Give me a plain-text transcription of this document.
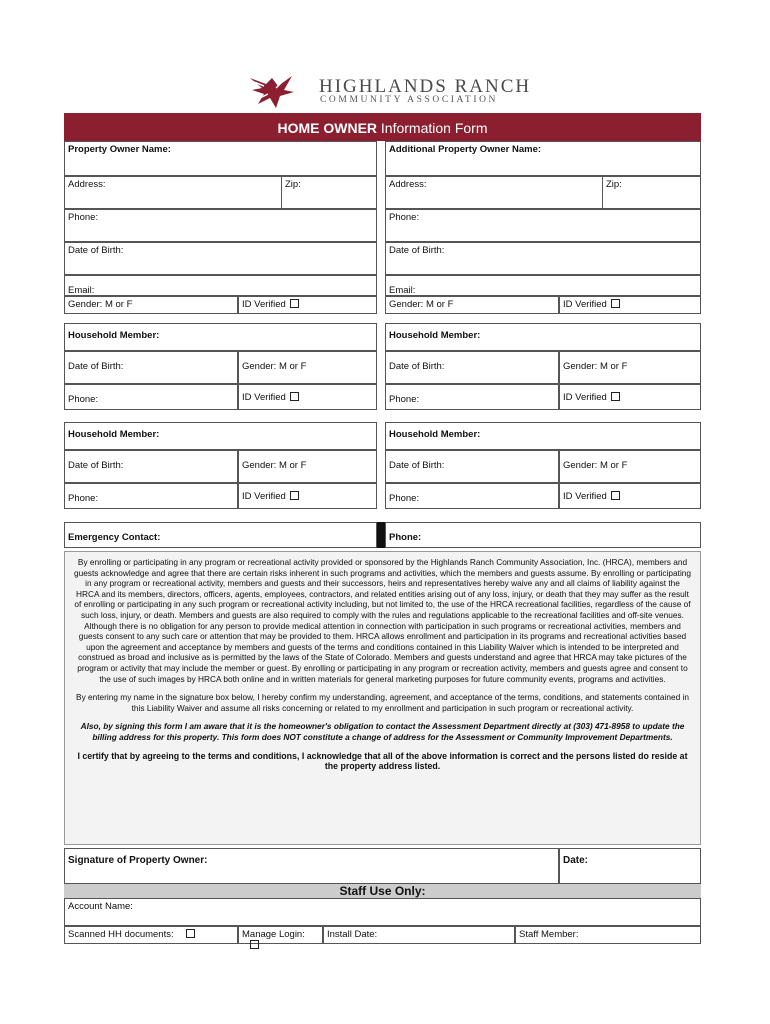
HIGHLANDS RANCH
COMMUNITY ASSOCIATION
HOME OWNER Information Form
Property Owner Name:
Address:	Zip:
Phone:
Date of Birth:
Email:
Gender: M or F	ID Verified
Additional Property Owner Name:
Address:	Zip:
Phone:
Date of Birth:
Email:
Gender: M or F	ID Verified
Household Member:
Date of Birth:	Gender: M or F
Phone:	ID Verified
Household Member:
Date of Birth:	Gender: M or F
Phone:	ID Verified
Household Member:
Date of Birth:	Gender: M or F
Phone:	ID Verified
Household Member:
Date of Birth:	Gender: M or F
Phone:	ID Verified
Emergency Contact:	Phone:

By enrolling or participating in any program or recreational activity provided or sponsored by the Highlands Ranch Community Association, Inc. (HRCA), members and guests acknowledge and agree that there are certain risks inherent in such programs and activities, which the members and guests assume. By enrolling or participating in any program or recreational activity, members and guests and their successors, heirs and representatives hereby waive any and all claims of liability against the HRCA and its members, directors, officers, agents, employees, contractors, and related entities arising out of any loss, injury, or death that they may suffer as the result of enrolling or participating in any such program or recreational activity including, but not limited to, the use of the HRCA recreational facilities, regardless of the cause of such loss, injury, or death. Members and guests are also required to comply with the rules and regulations applicable to the recreational facilities and off-site venues. Although there is no obligation for any person to provide medical attention in connection with participation in such programs or recreational activities, members and guests consent to any such care or attention that may be provided to them. HRCA allows enrollment and participation in its programs and recreational activities based upon the agreement and acceptance by members and guests of the terms and conditions contained in this Liability Waiver which is intended to be interpreted and construed as broad and inclusive as is permitted by the laws of the State of Colorado. Members and guests understand and agree that HRCA may take pictures of the program or activity that may include the member or guest. By enrolling or participating in any program or recreation activity, members and guests agree and consent to the use of such images by HRCA both online and in written materials for general marketing purposes for future community events, programs and activities.

By entering my name in the signature box below, I hereby confirm my understanding, agreement, and acceptance of the terms, conditions, and statements contained in this Liability Waiver and assume all risks concerning or related to my enrollment and participation in such program or recreational activity.

Also, by signing this form I am aware that it is the homeowner's obligation to contact the Assessment Department directly at (303) 471-8958 to update the billing address for this property. This form does NOT constitute a change of address for the Assessment or Community Improvement Departments.

I certify that by agreeing to the terms and conditions, I acknowledge that all of the above information is correct and the persons listed do reside at the property address listed.

Signature of Property Owner:	Date:
Staff Use Only:
Account Name:
Scanned HH documents:	Manage Login:	Install Date:	Staff Member:
